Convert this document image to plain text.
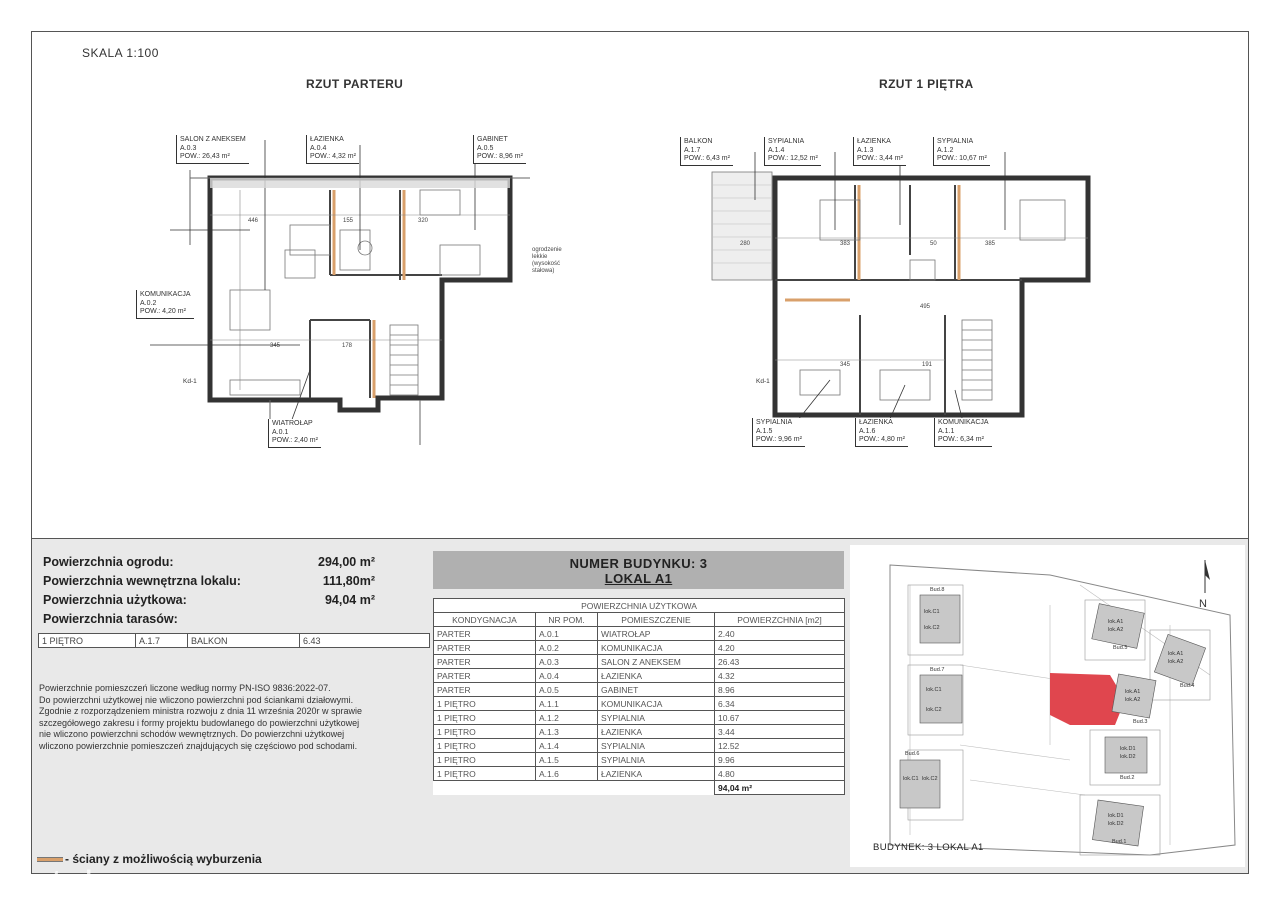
SKALA 1:100
RZUT PARTERU	RZUT 1 PIĘTRA
446	155	320
345	178
SALON Z ANEKSEM
A.0.3
POW.: 26,43 m²
ŁAZIENKA
A.0.4
POW.: 4,32 m²
GABINET
A.0.5
POW.: 8,96 m²
KOMUNIKACJA
A.0.2
POW.: 4,20 m²
WIATROŁAP
A.0.1
POW.: 2,40 m²
ogrodzenie lekkie (wysokość stałowa)
Kd-1
280	383	50	385
495
345	191
BALKON
A.1.7
POW.: 6,43 m²
SYPIALNIA
A.1.4
POW.: 12,52 m²
ŁAZIENKA
A.1.3
POW.: 3,44 m²
SYPIALNIA
A.1.2
POW.: 10,67 m²
SYPIALNIA
A.1.5
POW.: 9,96 m²
ŁAZIENKA
A.1.6
POW.: 4,80 m²
KOMUNIKACJA
A.1.1
POW.: 6,34 m²
Kd-1
Powierzchnia ogrodu:	294,00 m²
Powierzchnia wewnętrzna lokalu:	111,80m²
Powierzchnia użytkowa:	94,04 m²
Powierzchnia tarasów:
1 PIĘTRO	A.1.7	BALKON	6.43
Powierzchnie pomieszczeń liczone według normy PN-ISO 9836:2022-07.
Do powierzchni użytkowej nie wliczono powierzchni pod ściankami działowymi.
Zgodnie z rozporządzeniem ministra rozwoju z dnia 11 września 2020r w sprawie
szczegółowego zakresu i formy projektu budowlanego do powierzchni użytkowej
nie wliczono powierzchni schodów wewnętrznych. Do powierzchni użytkowej
wliczono powierzchnie pomieszczeń znajdujących się częściowo pod schodami.
- ściany z możliwością wyburzenia
otodom
NUMER BUDYNKU: 3
LOKAL A1
POWIERZCHNIA UŻYTKOWA			
KONDYGNACJA	NR POM.	POMIESZCZENIE	POWIERZCHNIA [m2]
PARTER	A.0.1	WIATROŁAP	2.40
PARTER	A.0.2	KOMUNIKACJA	4.20
PARTER	A.0.3	SALON Z ANEKSEM	26.43
PARTER	A.0.4	ŁAZIENKA	4.32
PARTER	A.0.5	GABINET	8.96
1 PIĘTRO	A.1.1	KOMUNIKACJA	6.34
1 PIĘTRO	A.1.2	SYPIALNIA	10.67
1 PIĘTRO	A.1.3	ŁAZIENKA	3.44
1 PIĘTRO	A.1.4	SYPIALNIA	12.52
1 PIĘTRO	A.1.5	SYPIALNIA	9.96
1 PIĘTRO	A.1.6	ŁAZIENKA	4.80
			94,04 m²
Bud.8
lok.C1
lok.C2
Bud.7
lok.C1
lok.C2
Bud.6
lok.C1 lok.C2
lok.A1
lok.A2
Bud.5
lok.A1
lok.A2
Bud.4
lok.A1
lok.A2
Bud.3
lok.D1
lok.D2
Bud.2
lok.D1
lok.D2
Bud.1
N
BUDYNEK: 3 LOKAL A1
